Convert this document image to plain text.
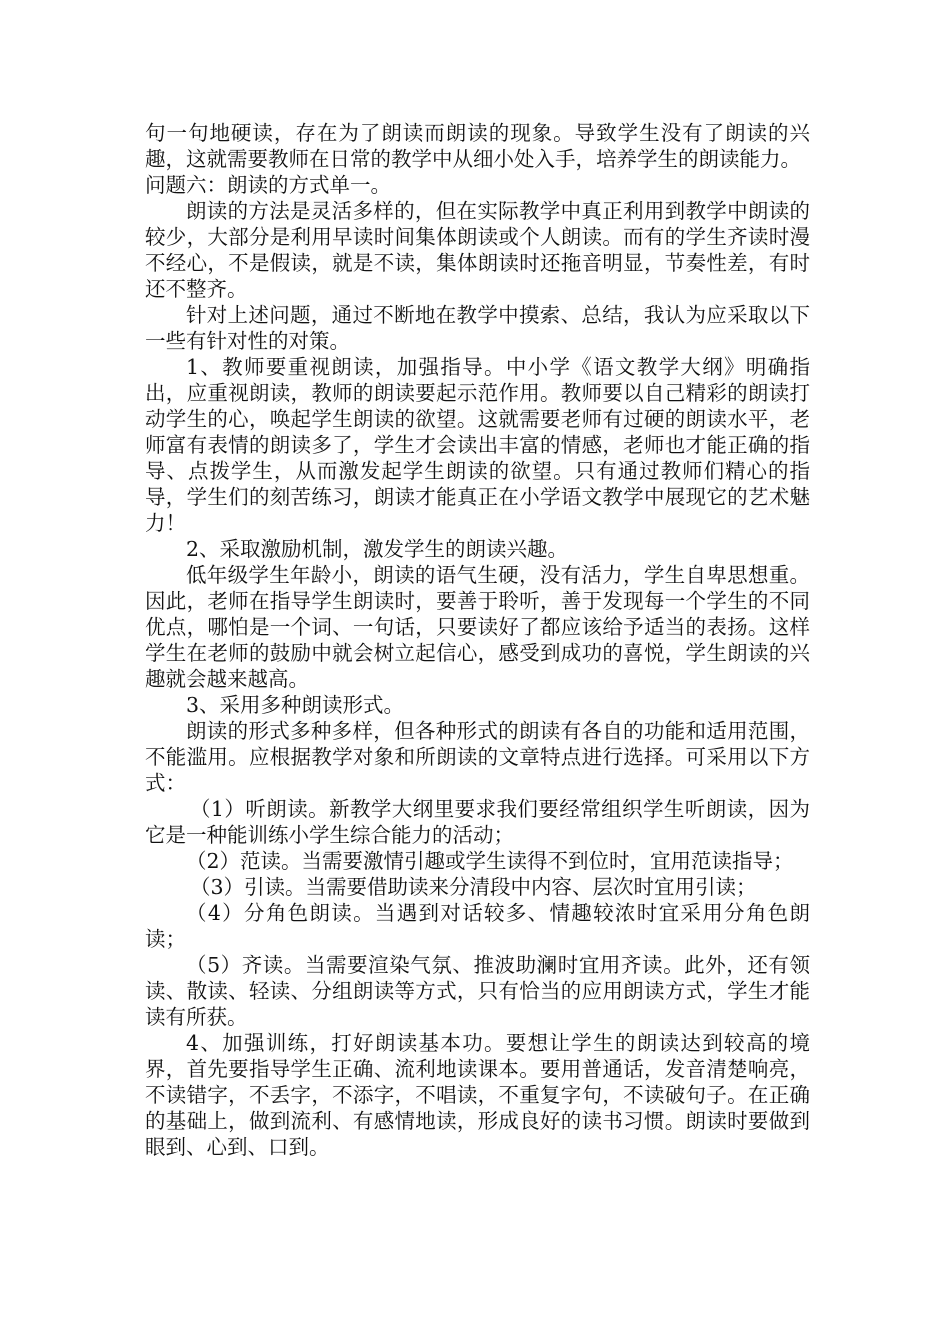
句一句地硬读，存在为了朗读而朗读的现象。导致学生没有了朗读的兴趣，这就需要教师在日常的教学中从细小处入手，培养学生的朗读能力。

问题六：朗读的方式单一。

朗读的方法是灵活多样的，但在实际教学中真正利用到教学中朗读的较少，大部分是利用早读时间集体朗读或个人朗读。而有的学生齐读时漫不经心，不是假读，就是不读，集体朗读时还拖音明显，节奏性差，有时还不整齐。

针对上述问题，通过不断地在教学中摸索、总结，我认为应采取以下一些有针对性的对策。

1、教师要重视朗读，加强指导。中小学《语文教学大纲》明确指出，应重视朗读，教师的朗读要起示范作用。教师要以自己精彩的朗读打动学生的心，唤起学生朗读的欲望。这就需要老师有过硬的朗读水平，老师富有表情的朗读多了，学生才会读出丰富的情感，老师也才能正确的指导、点拨学生，从而激发起学生朗读的欲望。只有通过教师们精心的指导，学生们的刻苦练习，朗读才能真正在小学语文教学中展现它的艺术魅力！

2、采取激励机制，激发学生的朗读兴趣。

低年级学生年龄小，朗读的语气生硬，没有活力，学生自卑思想重。因此，老师在指导学生朗读时，要善于聆听，善于发现每一个学生的不同优点，哪怕是一个词、一句话，只要读好了都应该给予适当的表扬。这样学生在老师的鼓励中就会树立起信心，感受到成功的喜悦，学生朗读的兴趣就会越来越高。

3、采用多种朗读形式。

朗读的形式多种多样，但各种形式的朗读有各自的功能和适用范围，不能滥用。应根据教学对象和所朗读的文章特点进行选择。可采用以下方式：

（1）听朗读。新教学大纲里要求我们要经常组织学生听朗读，因为它是一种能训练小学生综合能力的活动；

（2）范读。当需要激情引趣或学生读得不到位时，宜用范读指导；

（3）引读。当需要借助读来分清段中内容、层次时宜用引读；

（4）分角色朗读。当遇到对话较多、情趣较浓时宜采用分角色朗读；

（5）齐读。当需要渲染气氛、推波助澜时宜用齐读。此外，还有领读、散读、轻读、分组朗读等方式，只有恰当的应用朗读方式，学生才能读有所获。

4、加强训练，打好朗读基本功。要想让学生的朗读达到较高的境界，首先要指导学生正确、流利地读课本。要用普通话，发音清楚响亮，不读错字，不丢字，不添字，不唱读，不重复字句，不读破句子。在正确的基础上，做到流利、有感情地读，形成良好的读书习惯。朗读时要做到眼到、心到、口到。
